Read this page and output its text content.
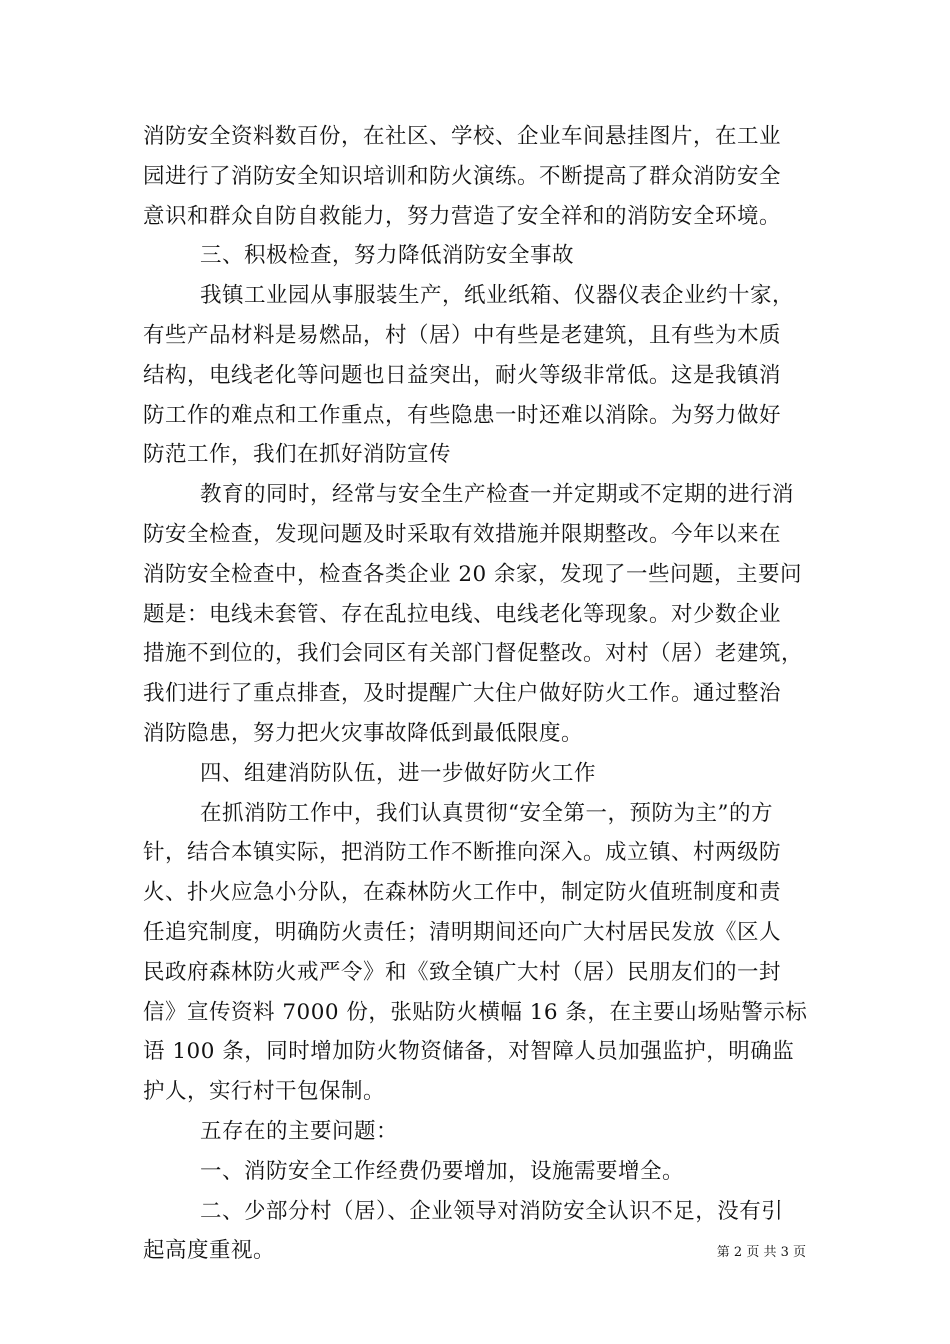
消防安全资料数百份，在社区、学校、企业车间悬挂图片，在工业
园进行了消防安全知识培训和防火演练。不断提高了群众消防安全
意识和群众自防自救能力，努力营造了安全祥和的消防安全环境。
三、积极检查，努力降低消防安全事故
我镇工业园从事服装生产，纸业纸箱、仪器仪表企业约十家，
有些产品材料是易燃品，村（居）中有些是老建筑，且有些为木质
结构，电线老化等问题也日益突出，耐火等级非常低。这是我镇消
防工作的难点和工作重点，有些隐患一时还难以消除。为努力做好
防范工作，我们在抓好消防宣传
教育的同时，经常与安全生产检查一并定期或不定期的进行消
防安全检查，发现问题及时采取有效措施并限期整改。今年以来在
消防安全检查中，检查各类企业 20 余家，发现了一些问题，主要问
题是：电线未套管、存在乱拉电线、电线老化等现象。对少数企业
措施不到位的，我们会同区有关部门督促整改。对村（居）老建筑，
我们进行了重点排查，及时提醒广大住户做好防火工作。通过整治
消防隐患，努力把火灾事故降低到最低限度。
四、组建消防队伍，进一步做好防火工作
在抓消防工作中，我们认真贯彻“安全第一，预防为主”的方
针，结合本镇实际，把消防工作不断推向深入。成立镇、村两级防
火、扑火应急小分队，在森林防火工作中，制定防火值班制度和责
任追究制度，明确防火责任；清明期间还向广大村居民发放《区人
民政府森林防火戒严令》和《致全镇广大村（居）民朋友们的一封
信》宣传资料 7000 份，张贴防火横幅 16 条，在主要山场贴警示标
语 100 条，同时增加防火物资储备，对智障人员加强监护，明确监
护人，实行村干包保制。
五存在的主要问题：
一、消防安全工作经费仍要增加，设施需要增全。
二、少部分村（居）、企业领导对消防安全认识不足，没有引
起高度重视。	第 2 页 共 3 页
